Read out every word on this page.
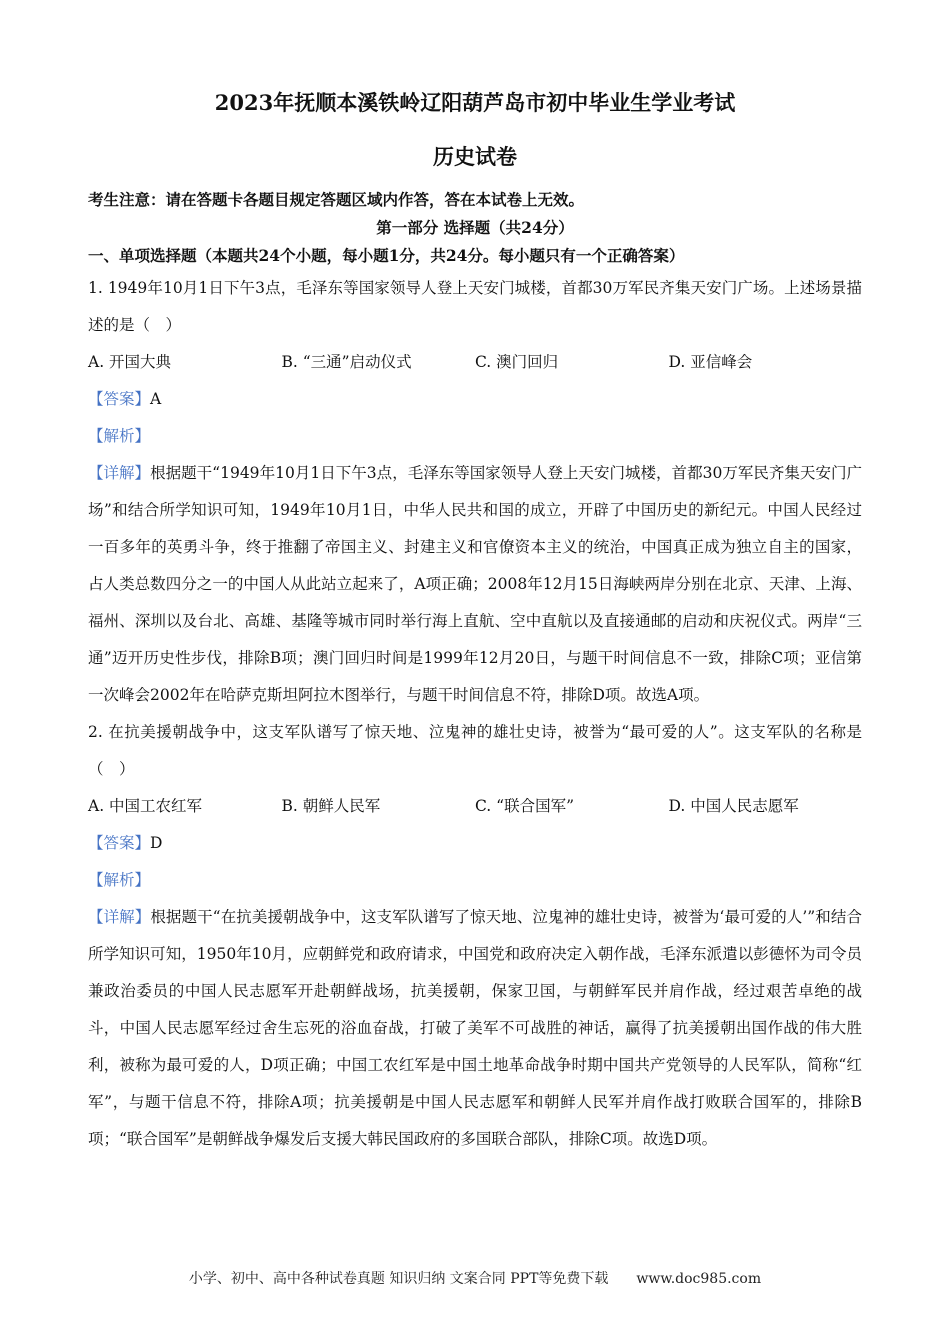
2023年抚顺本溪铁岭辽阳葫芦岛市初中毕业生学业考试
历史试卷
考生注意：请在答题卡各题目规定答题区域内作答，答在本试卷上无效。
第一部分 选择题（共24分）
一、单项选择题（本题共24个小题，每小题1分，共24分。每小题只有一个正确答案）

1. 1949年10月1日下午3点，毛泽东等国家领导人登上天安门城楼，首都30万军民齐集天安门广场。上述场景描述的是（　）

A. 开国大典	B. “三通”启动仪式	C. 澳门回归	D. 亚信峰会

【答案】A

【解析】

【详解】根据题干“1949年10月1日下午3点，毛泽东等国家领导人登上天安门城楼，首都30万军民齐集天安门广场”和结合所学知识可知，1949年10月1日，中华人民共和国的成立，开辟了中国历史的新纪元。中国人民经过一百多年的英勇斗争，终于推翻了帝国主义、封建主义和官僚资本主义的统治，中国真正成为独立自主的国家，占人类总数四分之一的中国人从此站立起来了，A项正确；2008年12月15日海峡两岸分别在北京、天津、上海、福州、深圳以及台北、高雄、基隆等城市同时举行海上直航、空中直航以及直接通邮的启动和庆祝仪式。两岸“三通”迈开历史性步伐，排除B项；澳门回归时间是1999年12月20日，与题干时间信息不一致，排除C项；亚信第一次峰会2002年在哈萨克斯坦阿拉木图举行，与题干时间信息不符，排除D项。故选A项。

2. 在抗美援朝战争中，这支军队谱写了惊天地、泣鬼神的雄壮史诗，被誉为“最可爱的人”。这支军队的名称是（　）

A. 中国工农红军	B. 朝鲜人民军	C. “联合国军”	D. 中国人民志愿军

【答案】D

【解析】

【详解】根据题干“在抗美援朝战争中，这支军队谱写了惊天地、泣鬼神的雄壮史诗，被誉为‘最可爱的人’”和结合所学知识可知，1950年10月，应朝鲜党和政府请求，中国党和政府决定入朝作战，毛泽东派遣以彭德怀为司令员兼政治委员的中国人民志愿军开赴朝鲜战场，抗美援朝，保家卫国，与朝鲜军民并肩作战，经过艰苦卓绝的战斗，中国人民志愿军经过舍生忘死的浴血奋战，打破了美军不可战胜的神话，赢得了抗美援朝出国作战的伟大胜利，被称为最可爱的人，D项正确；中国工农红军是中国土地革命战争时期中国共产党领导的人民军队，简称“红军”，与题干信息不符，排除A项；抗美援朝是中国人民志愿军和朝鲜人民军并肩作战打败联合国军的，排除B项；“联合国军”是朝鲜战争爆发后支援大韩民国政府的多国联合部队，排除C项。故选D项。

小学、初中、高中各种试卷真题 知识归纳 文案合同 PPT等免费下载　　www.doc985.com
